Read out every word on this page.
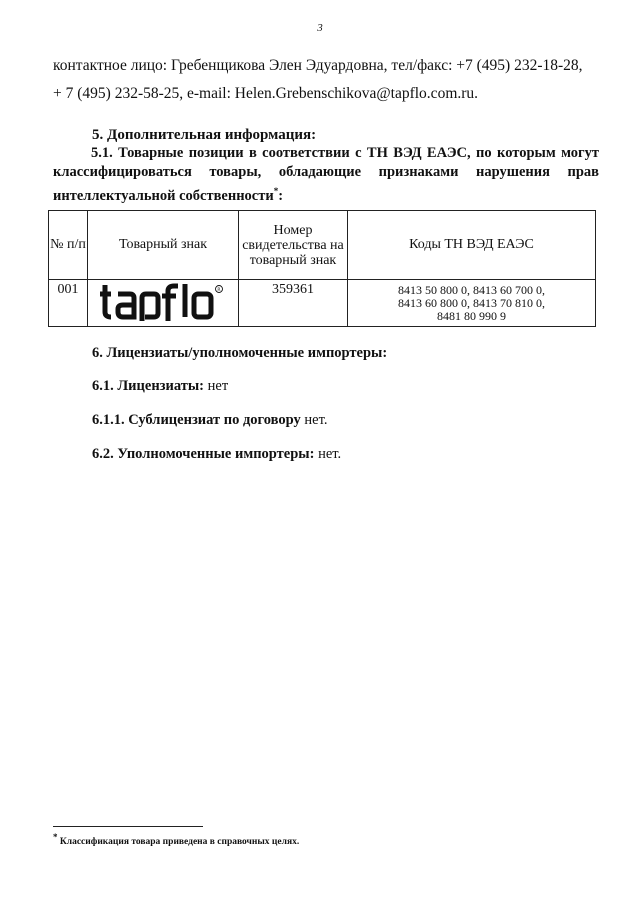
3
контактное лицо: Гребенщикова Элен Эдуардовна, тел/факс: +7 (495) 232-18-28,
+ 7 (495) 232-58-25, e-mail: Helen.Grebenschikova@tapflo.com.ru.
5. Дополнительная информация:
5.1. Товарные позиции в соответствии с ТН ВЭД ЕАЭС, по которым могут классифицироваться товары, обладающие признаками нарушения прав интеллектуальной собственности*:
№ п/п	Товарный знак	Номер свидетельства на товарный знак	Коды ТН ВЭД ЕАЭС
001	R	359361	8413 50 800 0, 8413 60 700 0,
8413 60 800 0, 8413 70 810 0,
8481 80 990 9
6. Лицензиаты/уполномоченные импортеры:
6.1. Лицензиаты: нет
6.1.1. Сублицензиат по договору нет.
6.2. Уполномоченные импортеры: нет.
* Классификация товара приведена в справочных целях.
